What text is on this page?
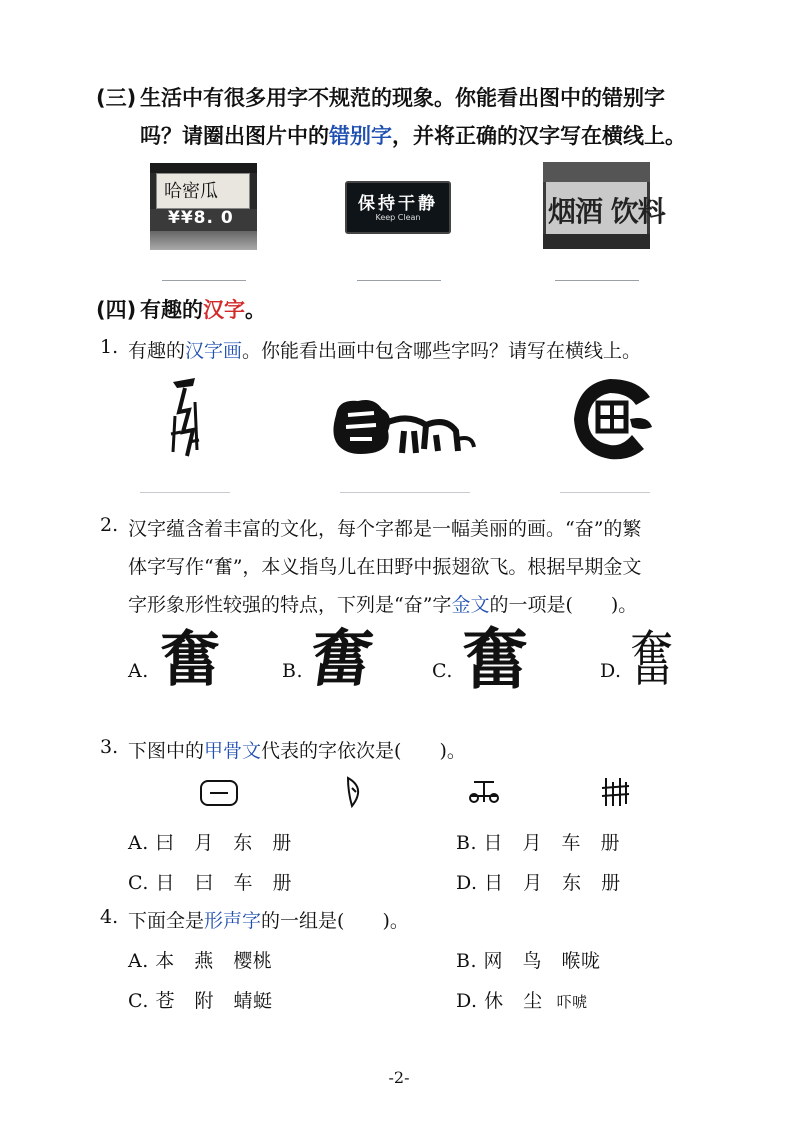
(三) 生活中有很多用字不规范的现象。你能看出图中的错别字
吗？请圈出图片中的错别字，并将正确的汉字写在横线上。
哈密瓜
¥¥8. 0
保持干静
Keep Clean	烟酒 饮料
(四) 有趣的汉字。
1. 有趣的汉字画。你能看出画中包含哪些字吗？请写在横线上。
2. 汉字蕴含着丰富的文化，每个字都是一幅美丽的画。“奋”的繁
体字写作“奮”，本义指鸟儿在田野中振翅欲飞。根据早期金文
字形象形性较强的特点，下列是“奋”字金文的一项是(　　)。
A. 奮	B. 奮	C. 奮	D. 奮
3. 下图中的甲骨文代表的字依次是(　　)。
A. 曰　月　东　册	B. 日　月　车　册
C. 日　曰　车　册	D. 日　月　东　册
4. 下面全是形声字的一组是(　　)。
A. 本　燕　樱桃	B. 网　鸟　喉咙
C. 苍　附　蜻蜓	D. 休　尘 吓唬
-2-
